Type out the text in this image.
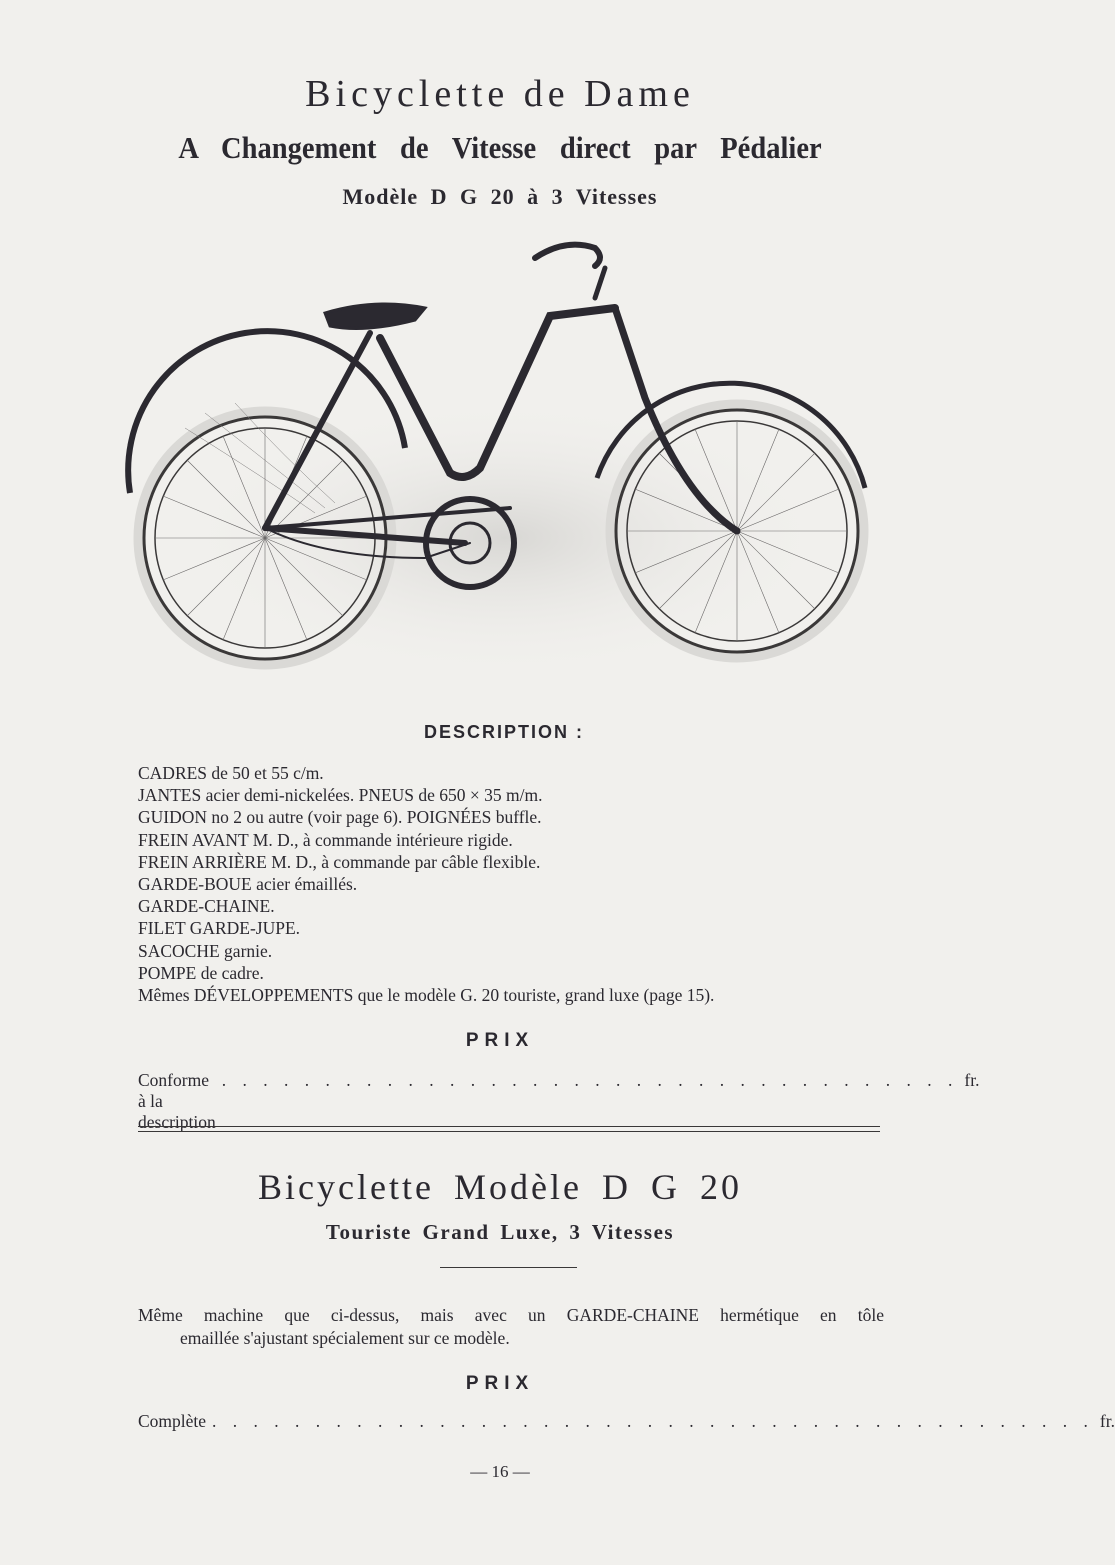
Bicyclette de Dame
A Changement de Vitesse direct par Pédalier
Modèle D G 20 à 3 Vitesses
DESCRIPTION :
CADRES de 50 et 55 c/m.
JANTES acier demi-nickelées. PNEUS de 650 × 35 m/m.
GUIDON no 2 ou autre (voir page 6). POIGNÉES buffle.
FREIN AVANT M. D., à commande intérieure rigide.
FREIN ARRIÈRE M. D., à commande par câble flexible.
GARDE-BOUE acier émaillés.
GARDE-CHAINE.
FILET GARDE-JUPE.
SACOCHE garnie.
POMPE de cadre.
Mêmes DÉVELOPPEMENTS que le modèle G. 20 touriste, grand luxe (page 15).
PRIX
Conforme à la description
. . . . . . . . . . . . . . . . . . . . . . . . . . . . . . . . . . . . fr.
Bicyclette Modèle D G 20
Touriste Grand Luxe, 3 Vitesses
Même machine que ci-dessus, mais avec un GARDE-CHAINE hermétique en tôle
emaillée s'ajustant spécialement sur ce modèle.
PRIX
Complète . . . . . . . . . . . . . . . . . . . . . . . . . . . . . . . . . . . . . . . . . . . fr.
— 16 —
